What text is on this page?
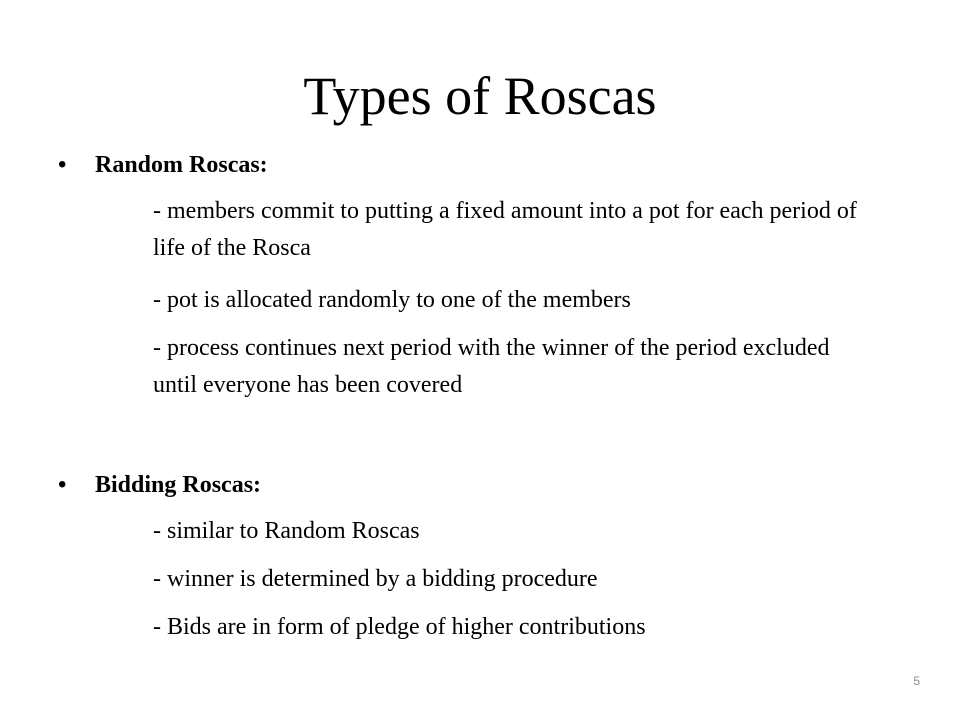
Types of Roscas
• Random Roscas:
- members commit to putting a fixed amount into a pot for each period of life of the Rosca
- pot is allocated randomly to one of the members
- process continues next period with the winner of the period excluded until everyone has been covered
• Bidding Roscas:
- similar to Random Roscas
- winner is determined by a bidding procedure
- Bids are in form of pledge of higher contributions
5
